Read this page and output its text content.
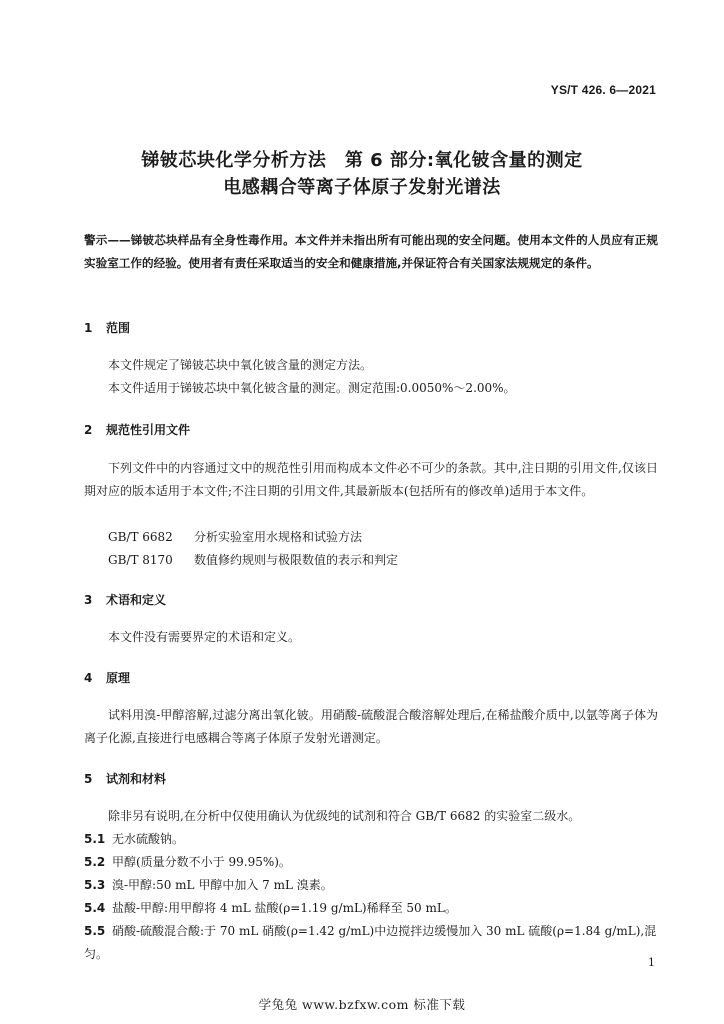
YS/T 426. 6—2021
锑铍芯块化学分析方法　第 6 部分:氧化铍含量的测定
电感耦合等离子体原子发射光谱法
警示——锑铍芯块样品有全身性毒作用。本文件并未指出所有可能出现的安全问题。使用本文件的人员应有正规实验室工作的经验。使用者有责任采取适当的安全和健康措施,并保证符合有关国家法规规定的条件。
1 范围
本文件规定了锑铍芯块中氧化铍含量的测定方法。
本文件适用于锑铍芯块中氧化铍含量的测定。测定范围:0.0050%～2.00%。
2 规范性引用文件
下列文件中的内容通过文中的规范性引用而构成本文件必不可少的条款。其中,注日期的引用文件,仅该日期对应的版本适用于本文件;不注日期的引用文件,其最新版本(包括所有的修改单)适用于本文件。
GB/T 6682 分析实验室用水规格和试验方法
GB/T 8170 数值修约规则与极限数值的表示和判定
3 术语和定义
本文件没有需要界定的术语和定义。
4 原理
试料用溴-甲醇溶解,过滤分离出氧化铍。用硝酸-硫酸混合酸溶解处理后,在稀盐酸介质中,以氩等离子体为离子化源,直接进行电感耦合等离子体原子发射光谱测定。
5 试剂和材料
除非另有说明,在分析中仅使用确认为优级纯的试剂和符合 GB/T 6682 的实验室二级水。
5.1 无水硫酸钠。
5.2 甲醇(质量分数不小于 99.95%)。
5.3 溴-甲醇:50 mL 甲醇中加入 7 mL 溴素。
5.4 盐酸-甲醇:用甲醇将 4 mL 盐酸(ρ=1.19 g/mL)稀释至 50 mL。
5.5 硝酸-硫酸混合酸:于 70 mL 硝酸(ρ=1.42 g/mL)中边搅拌边缓慢加入 30 mL 硫酸(ρ=1.84 g/mL),混匀。
1
学兔兔 www.bzfxw.com 标准下载
